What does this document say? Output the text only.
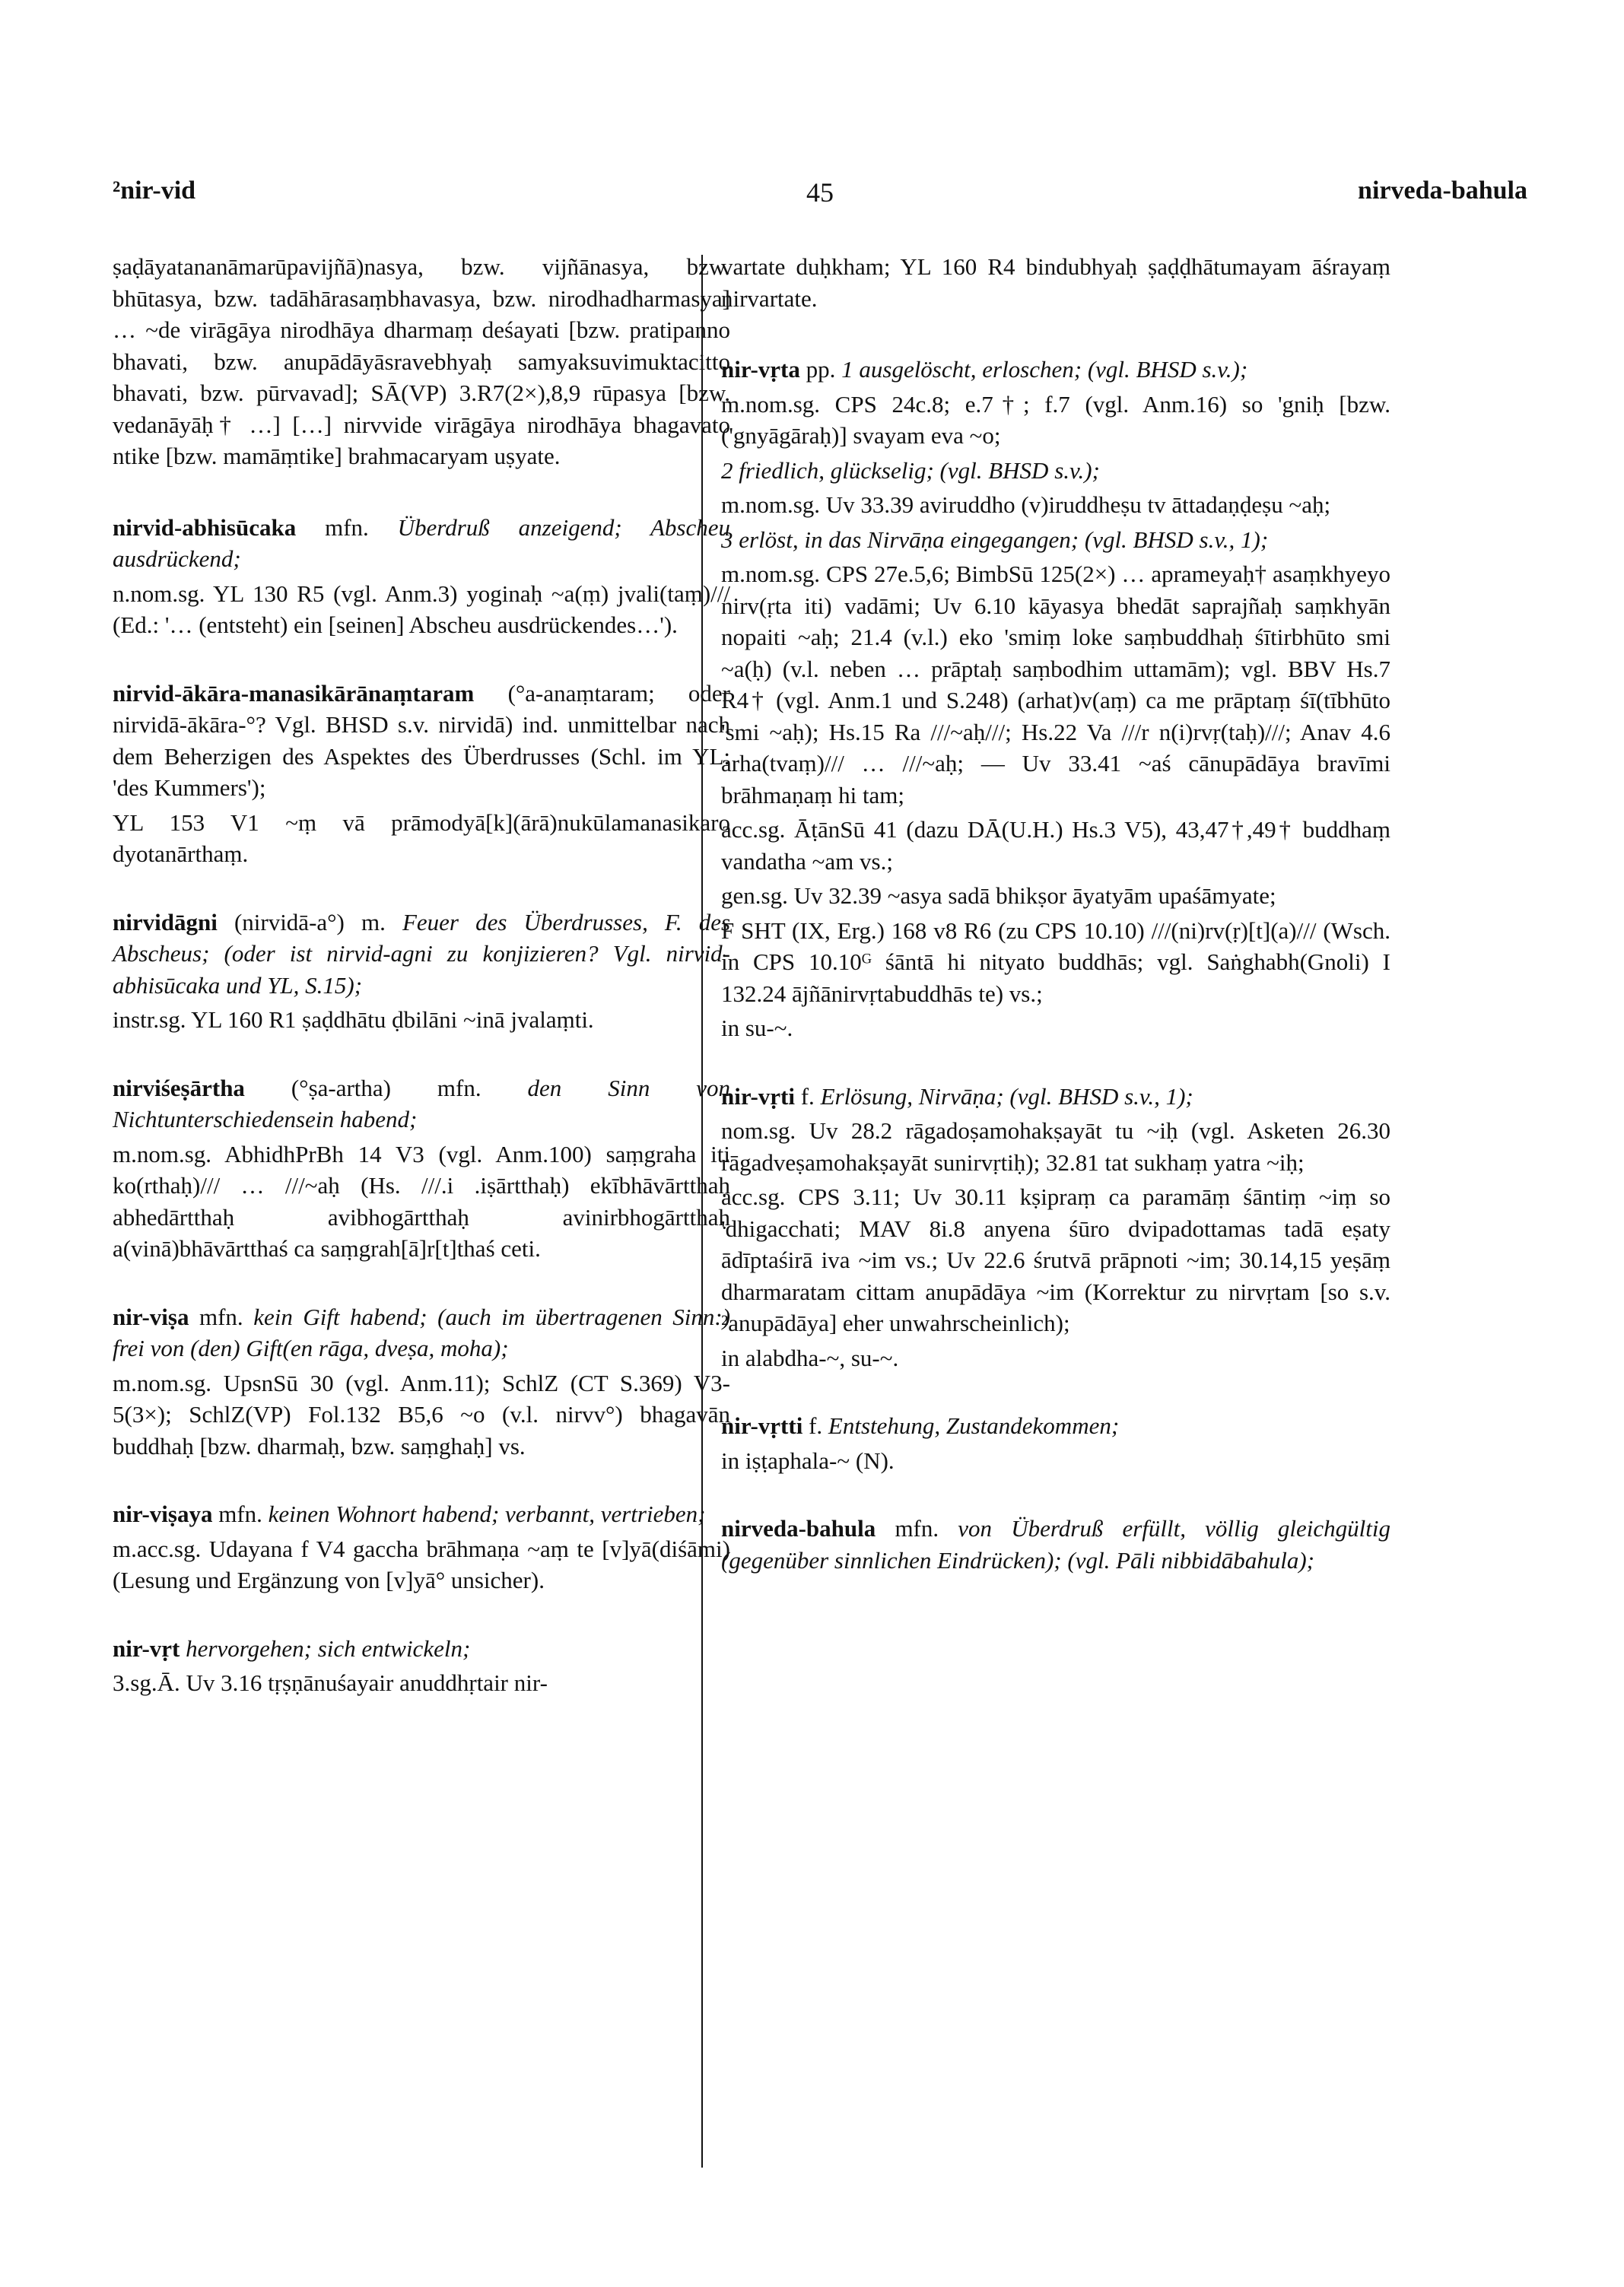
²nir-vid	45	nirveda-bahula

ṣaḍāyatananāmarūpavijñā)nasya, bzw. vijñānasya, bzw. bhūtasya, bzw. tadāhārasaṃbhavasya, bzw. nirodhadharmasya] … ~de virāgāya nirodhāya dharmaṃ deśayati [bzw. pratipanno bhavati, bzw. anupādāyāsravebhyaḥ samyaksuvimuktacitto bhavati, bzw. pūrvavad]; SĀ(VP) 3.R7(2×),8,9 rūpasya [bzw. vedanāyāḥ† …] […] nirvvide virāgāya nirodhāya bhagavato ntike [bzw. mamāṃtike] brahmacaryam uṣyate.

nirvid-abhisūcaka mfn. Überdruß anzeigend; Abscheu ausdrückend;
n.nom.sg. YL 130 R5 (vgl. Anm.3) yoginaḥ ~a(ṃ) jvali(taṃ)/// (Ed.: '… (entsteht) ein [seinen] Abscheu ausdrückendes…').
nirvid-ākāra-manasikārānaṃtaram (°a-anaṃtaram; oder nirvidā-ākāra-°? Vgl. BHSD s.v. nirvidā) ind. unmittelbar nach dem Beherzigen des Aspektes des Überdrusses (Schl. im YL: 'des Kummers');
YL 153 V1 ~ṃ vā prāmodyā[k](ārā)nukūlamanasikaro dyotanārthaṃ.
nirvidāgni (nirvidā-a°) m. Feuer des Überdrusses, F. des Abscheus; (oder ist nirvid-agni zu konjizieren? Vgl. nirvid-abhisūcaka und YL, S.15);
instr.sg. YL 160 R1 ṣaḍdhātu ḍbilāni ~inā jvalaṃti.
nirviśeṣārtha (°ṣa-artha) mfn. den Sinn von Nichtunterschiedensein habend;
m.nom.sg. AbhidhPrBh 14 V3 (vgl. Anm.100) saṃgraha iti ko(rthaḥ)/// … ///~aḥ (Hs. ///.i .iṣārtthaḥ) ekībhāvārtthaḥ abhedārtthaḥ avibhogārtthaḥ avinirbhogārtthaḥ a(vinā)bhāvārtthaś ca saṃgrah[ā]r[t]thaś ceti.
nir-viṣa mfn. kein Gift habend; (auch im übertragenen Sinn:) frei von (den) Gift(en rāga, dveṣa, moha);
m.nom.sg. UpsnSū 30 (vgl. Anm.11); SchlZ (CT S.369) V3-5(3×); SchlZ(VP) Fol.132 B5,6 ~o (v.l. nirvv°) bhagavān buddhaḥ [bzw. dharmaḥ, bzw. saṃghaḥ] vs.
nir-viṣaya mfn. keinen Wohnort habend; verbannt, vertrieben;
m.acc.sg. Udayana f V4 gaccha brāhmaṇa ~aṃ te [v]yā(diśāmi) (Lesung und Ergänzung von [v]yā° unsicher).
nir-vṛt hervorgehen; sich entwickeln;
3.sg.Ā. Uv 3.16 tṛṣṇānuśayair anuddhṛtair nir-

vartate duḥkham; YL 160 R4 bindubhyaḥ ṣaḍḍhātumayam āśrayaṃ nirvartate.

nir-vṛta pp. 1 ausgelöscht, erloschen; (vgl. BHSD s.v.);
m.nom.sg. CPS 24c.8; e.7†; f.7 (vgl. Anm.16) so 'gniḥ [bzw. ('gnyāgāraḥ)] svayam eva ~o;
2 friedlich, glückselig; (vgl. BHSD s.v.);
m.nom.sg. Uv 33.39 aviruddho (v)iruddheṣu tv āttadaṇḍeṣu ~aḥ;
3 erlöst, in das Nirvāṇa eingegangen; (vgl. BHSD s.v., 1);
m.nom.sg. CPS 27e.5,6; BimbSū 125(2×) … aprameyaḥ† asaṃkhyeyo nirv(ṛta iti) vadāmi; Uv 6.10 kāyasya bhedāt saprajñaḥ saṃkhyān nopaiti ~aḥ; 21.4 (v.l.) eko 'smiṃ loke saṃbuddhaḥ śītirbhūto smi ~a(ḥ) (v.l. neben … prāptaḥ saṃbodhim uttamām); vgl. BBV Hs.7 R4† (vgl. Anm.1 und S.248) (arhat)v(aṃ) ca me prāptaṃ śī(tībhūto 'smi ~aḥ); Hs.15 Ra ///~aḥ///; Hs.22 Va ///r n(i)rvṛ(taḥ)///; Anav 4.6 arha(tvaṃ)/// … ///~aḥ; — Uv 33.41 ~aś cānupādāya bravīmi brāhmaṇaṃ hi tam;
acc.sg. ĀṭānSū 41 (dazu DĀ(U.H.) Hs.3 V5), 43,47†,49† buddhaṃ vandatha ~am vs.;
gen.sg. Uv 32.39 ~asya sadā bhikṣor āyatyām upaśāmyate;
F SHT (IX, Erg.) 168 v8 R6 (zu CPS 10.10) ///(ni)rv(ṛ)[t](a)/// (Wsch. in CPS 10.10ᴳ śāntā hi nityato buddhās; vgl. Saṅghabh(Gnoli) I 132.24 ājñānirvṛtabuddhās te) vs.;
in su-~.
nir-vṛti f. Erlösung, Nirvāṇa; (vgl. BHSD s.v., 1);
nom.sg. Uv 28.2 rāgadoṣamohakṣayāt tu ~iḥ (vgl. Asketen 26.30 rāgadveṣamohakṣayāt sunirvṛtiḥ); 32.81 tat sukhaṃ yatra ~iḥ;
acc.sg. CPS 3.11; Uv 30.11 kṣipraṃ ca paramāṃ śāntiṃ ~iṃ so 'dhigacchati; MAV 8i.8 anyena śūro dvipadottamas tadā eṣaty ādīptaśirā iva ~im vs.; Uv 22.6 śrutvā prāpnoti ~im; 30.14,15 yeṣāṃ dharmaratam cittam anupādāya ~im (Korrektur zu nirvṛtam [so s.v. ²anupādāya] eher unwahrscheinlich);
in alabdha-~, su-~.
nir-vṛtti f. Entstehung, Zustandekommen;
in iṣṭaphala-~ (N).
nirveda-bahula mfn. von Überdruß erfüllt, völlig gleichgültig (gegenüber sinnlichen Eindrücken); (vgl. Pāli nibbidābahula);
